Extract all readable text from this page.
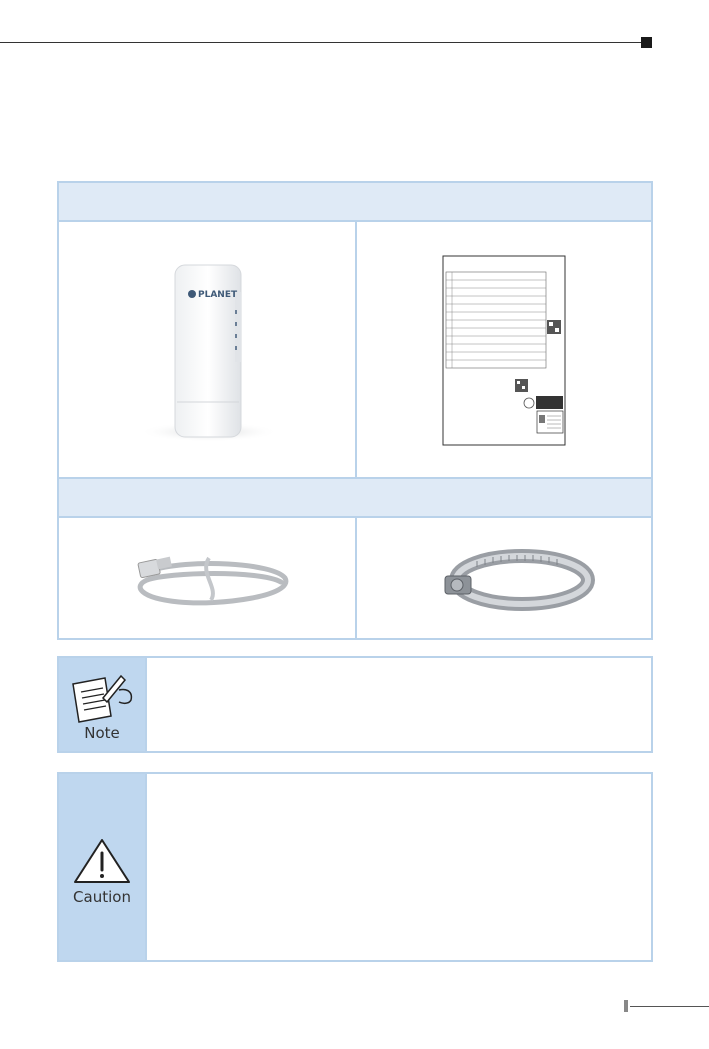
PLANET
Note
Caution
